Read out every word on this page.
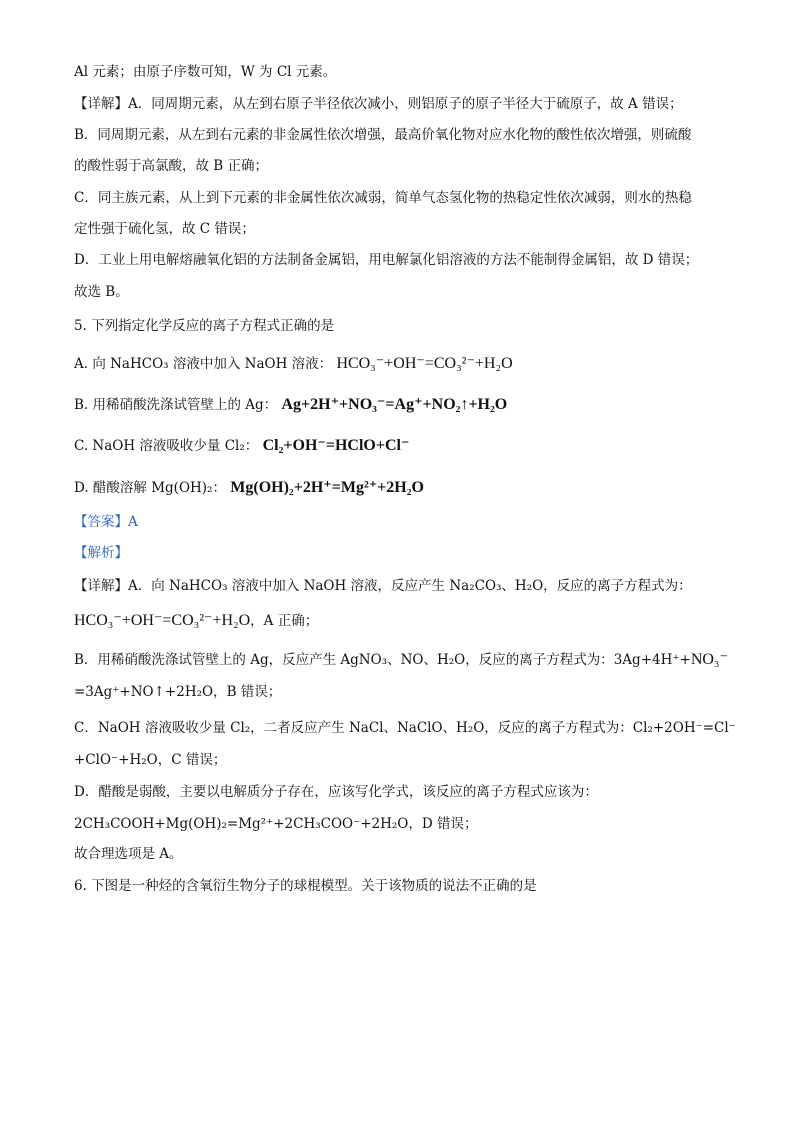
Al 元素；由原子序数可知，W 为 Cl 元素。
【详解】A．同周期元素，从左到右原子半径依次减小，则铝原子的原子半径大于硫原子，故 A 错误；
B．同周期元素，从左到右元素的非金属性依次增强，最高价氧化物对应水化物的酸性依次增强，则硫酸
的酸性弱于高氯酸，故 B 正确；
C．同主族元素，从上到下元素的非金属性依次减弱，简单气态氢化物的热稳定性依次减弱，则水的热稳
定性强于硫化氢，故 C 错误；
D．工业上用电解熔融氧化铝的方法制备金属铝，用电解氯化铝溶液的方法不能制得金属铝，故 D 错误；
故选 B。
5. 下列指定化学反应的离子方程式正确的是
A. 向 NaHCO₃ 溶液中加入 NaOH 溶液： HCO₃⁻+OH⁻=CO₃²⁻+H₂O
B. 用稀硝酸洗涤试管壁上的 Ag： Ag+2H⁺+NO₃⁻=Ag⁺+NO₂↑+H₂O
C. NaOH 溶液吸收少量 Cl₂： Cl₂+OH⁻=HClO+Cl⁻
D. 醋酸溶解 Mg(OH)₂： Mg(OH)₂+2H⁺=Mg²⁺+2H₂O
【答案】A
【解析】
【详解】A．向 NaHCO₃ 溶液中加入 NaOH 溶液，反应产生 Na₂CO₃、H₂O，反应的离子方程式为：
HCO₃⁻+OH⁻=CO₃²⁻+H₂O，A 正确；
B．用稀硝酸洗涤试管壁上的 Ag，反应产生 AgNO₃、NO、H₂O，反应的离子方程式为：3Ag+4H⁺+NO₃⁻
=3Ag⁺+NO↑+2H₂O，B 错误；
C．NaOH 溶液吸收少量 Cl₂，二者反应产生 NaCl、NaClO、H₂O，反应的离子方程式为：Cl₂+2OH⁻=Cl⁻
+ClO⁻+H₂O，C 错误；
D．醋酸是弱酸，主要以电解质分子存在，应该写化学式，该反应的离子方程式应该为：
2CH₃COOH+Mg(OH)₂=Mg²⁺+2CH₃COO⁻+2H₂O，D 错误；
故合理选项是 A。
6. 下图是一种烃的含氧衍生物分子的球棍模型。关于该物质的说法不正确的是
